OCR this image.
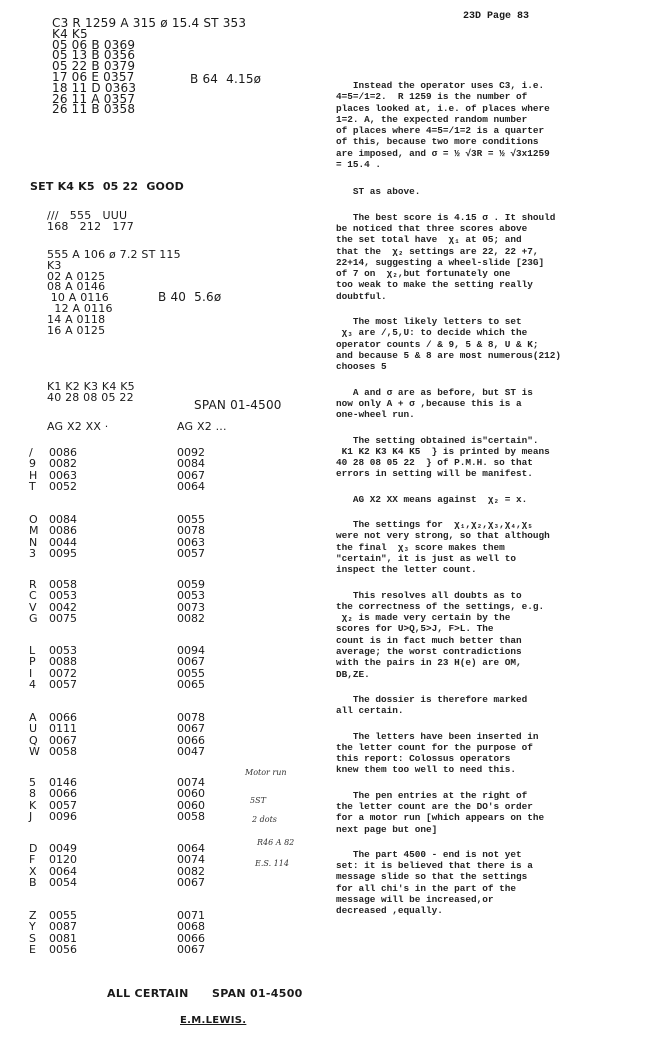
23D Page 83
C3 R 1259 A 315 ø 15.4 ST 353
K4 K5
05 06 B 0369
05 13 B 0356
05 22 B 0379
17 06 E 0357
18 11 D 0363
26 11 A 0357
26 11 B 0358
B 64  4.15ø
SET K4 K5  05 22  GOOD
///   555   UUU
168   212   177
555 A 106 ø 7.2 ST 115
K3
02 A 0125
08 A 0146
10 A 0116
12 A 0116
14 A 0118
16 A 0125
B 40  5.6ø
K1 K2 K3 K4 K5
40 28 08 05 22
SPAN 01-4500
AG X2 XX ·	AG X2 ...
/ 0086	0092
9 0082	0084
H 0063	0067
T 0052	0064
O 0084	0055
M 0086	0078
N 0044	0063
3 0095	0057
R 0058	0059
C 0053	0053
V 0042	0073
G 0075	0082
L 0053	0094
P 0088	0067
I 0072	0055
4 0057	0065
A 0066	0078
U 0111	0067
Q 0067	0066
W 0058	0047
5 0146	0074
8 0066	0060
K 0057	0060
J 0096	0058
D 0049	0064
F 0120	0074
X 0064	0082
B 0054	0067
Z 0055	0071
Y 0087	0068
S 0081	0066
E 0056	0067
Motor run
5ST
2 dots
R46 A 82
E.S. 114
ALL CERTAIN SPAN 01-4500
E.M.LEWIS.
Instead the operator uses C3, i.e.
4=5=/1=2.  R 1259 is the number of
places looked at, i.e. of places where
1=2. A, the expected random number
of places where 4=5=/1=2 is a quarter
of this, because two more conditions
are imposed, and σ = ½ √3R = ½ √3x1259
= 15.4 .
ST as above.
The best score is 4.15 σ . It should
be noticed that three scores above
the set total have  χ₁ at 05; and
that the  χ₂ settings are 22, 22 +7,
22+14, suggesting a wheel-slide [23G]
of 7 on  χ₂,but fortunately one
too weak to make the setting really
doubtful.
The most likely letters to set
χ₃ are /,5,U: to decide which the
operator counts / & 9, 5 & 8, U & K;
and because 5 & 8 are most numerous(212)
chooses 5
A and σ are as before, but ST is
now only A + σ ,because this is a
one-wheel run.
The setting obtained is"certain".
K1 K2 K3 K4 K5  } is printed by means
40 28 08 05 22  } of P.M.H. so that
errors in setting will be manifest.
AG X2 XX means against  χ₂ = x.
The settings for  χ₁,χ₂,χ₃,χ₄,χ₅
were not very strong, so that although
the final  χ₃ score makes them
"certain", it is just as well to
inspect the letter count.
This resolves all doubts as to
the correctness of the settings, e.g.
χ₂ is made very certain by the
scores for U>Q,5>J, F>L. The
count is in fact much better than
average; the worst contradictions
with the pairs in 23 H(e) are OM,
DB,ZE.
The dossier is therefore marked
all certain.
The letters have been inserted in
the letter count for the purpose of
this report: Colossus operators
knew them too well to need this.
The pen entries at the right of
the letter count are the DO's order
for a motor run [which appears on the
next page but one]
The part 4500 - end is not yet
set: it is believed that there is a
message slide so that the settings
for all chi's in the part of the
message will be increased,or
decreased ,equally.
